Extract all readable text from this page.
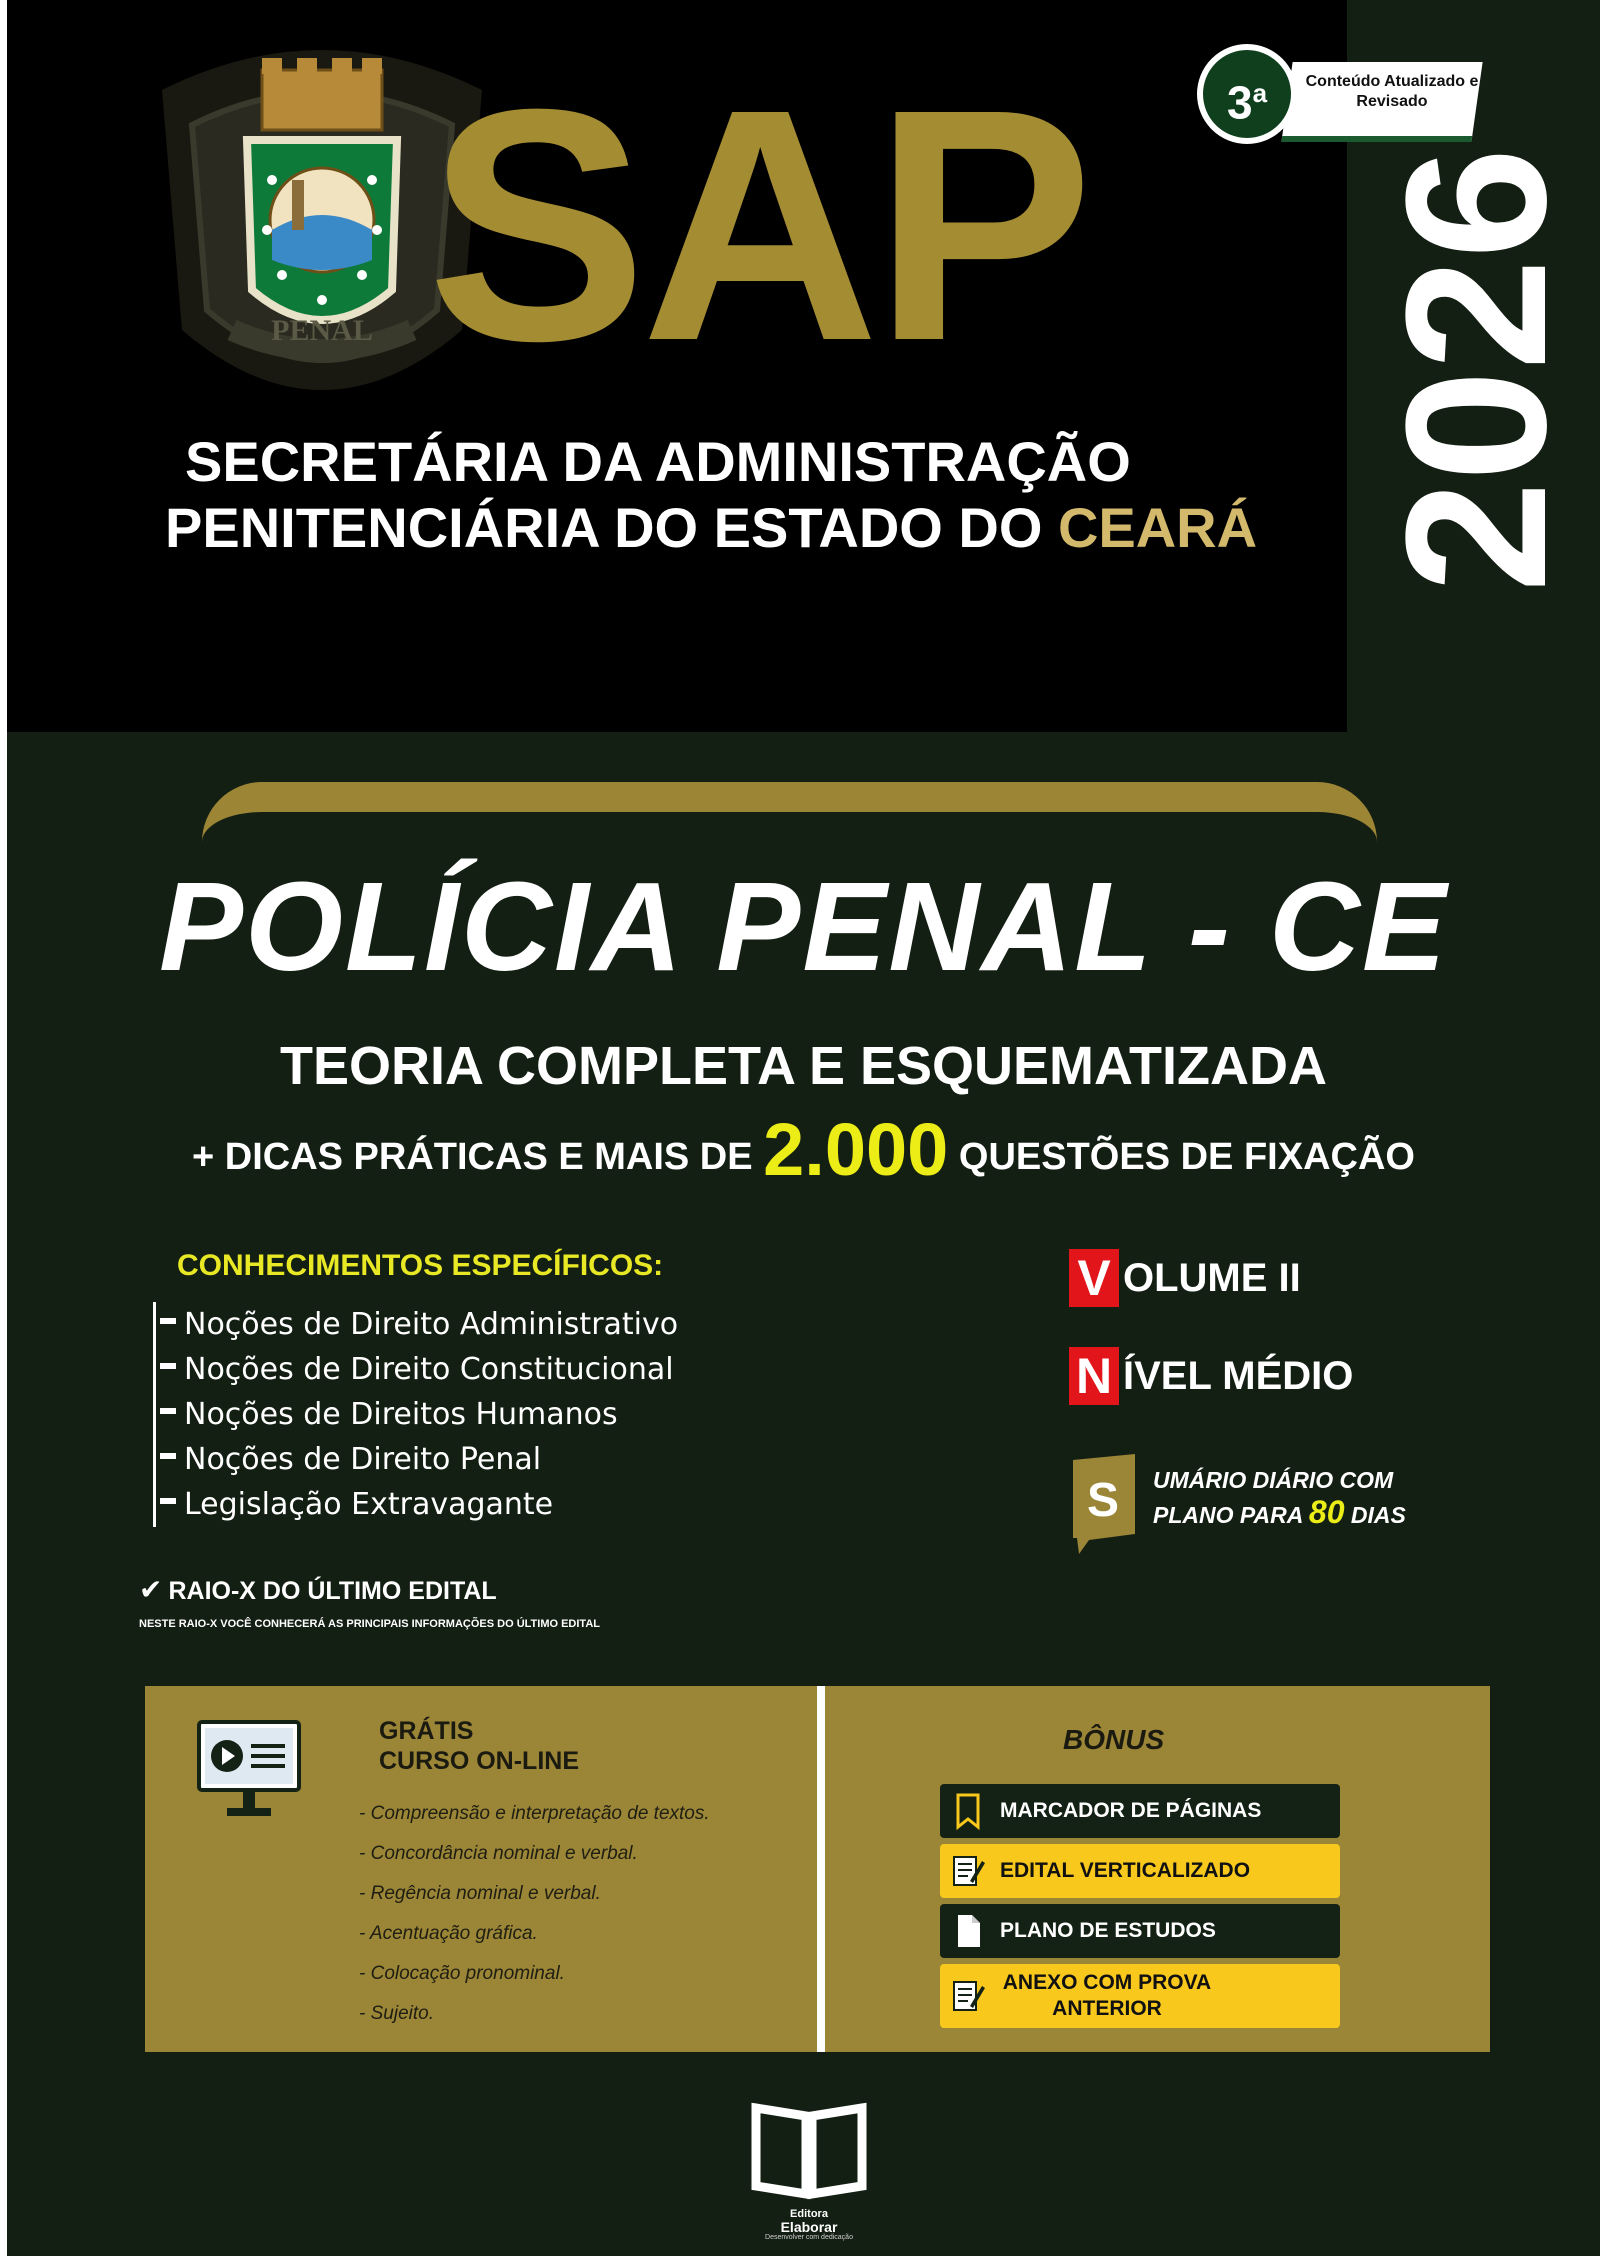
PENAL SAP
SECRETÁRIA DA ADMINISTRAÇÃO
PENITENCIÁRIA DO ESTADO DO CEARÁ
Conteúdo Atualizado e Revisado
3$^a$
2026
POLÍCIA PENAL - CE
TEORIA COMPLETA E ESQUEMATIZADA
+ DICAS PRÁTICAS E MAIS DE 2.000 QUESTÕES DE FIXAÇÃO
CONHECIMENTOS ESPECÍFICOS:
Noções de Direito Administrativo
Noções de Direito Constitucional
Noções de Direitos Humanos
Noções de Direito Penal
Legislação Extravagante
V OLUME II
N ÍVEL MÉDIO
S UMÁRIO DIÁRIO COM
PLANO PARA 80 DIAS
✔ RAIO-X DO ÚLTIMO EDITAL
NESTE RAIO-X VOCÊ CONHECERÁ AS PRINCIPAIS INFORMAÇÕES DO ÚLTIMO EDITAL
GRÁTIS
CURSO ON-LINE
- Compreensão e interpretação de textos.
- Concordância nominal e verbal.
- Regência nominal e verbal.
- Acentuação gráfica.
- Colocação pronominal.
- Sujeito.
BÔNUS
MARCADOR DE PÁGINAS
EDITAL VERTICALIZADO
PLANO DE ESTUDOS
ANEXO COM PROVA ANTERIOR
Editora
Elaborar
Desenvolver com dedicação
